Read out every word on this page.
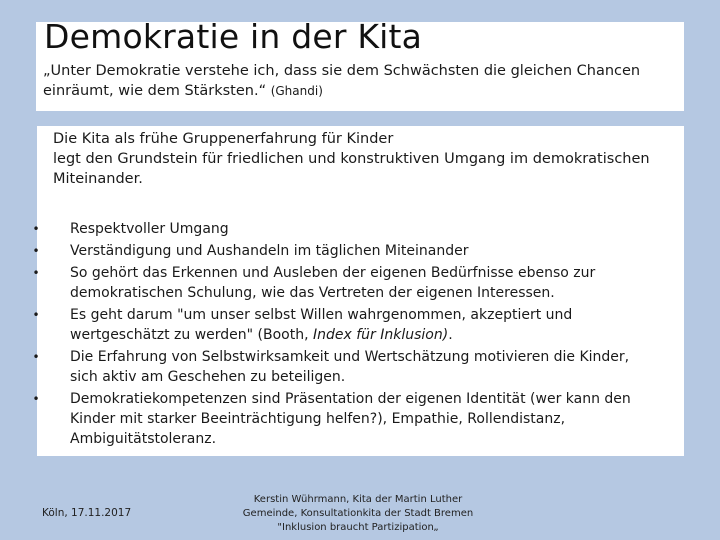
Demokratie in der Kita

„Unter Demokratie verstehe ich, dass sie dem Schwächsten die gleichen Chancen einräumt, wie dem Stärksten.“ (Ghandi)

Die Kita als frühe Gruppenerfahrung für Kinder
legt den Grundstein für friedlichen und konstruktiven Umgang im demokratischen
Miteinander.

• Respektvoller Umgang
• Verständigung und Aushandeln im täglichen Miteinander
• So gehört das Erkennen und Ausleben der eigenen Bedürfnisse ebenso zur demokratischen Schulung, wie das Vertreten der eigenen Interessen.
• Es geht darum "um unser selbst Willen wahrgenommen, akzeptiert und wertgeschätzt zu werden" (Booth, Index für Inklusion).
• Die Erfahrung von Selbstwirksamkeit und Wertschätzung motivieren die Kinder, sich aktiv am Geschehen zu beteiligen.
• Demokratiekompetenzen sind Präsentation der eigenen Identität (wer kann den Kinder mit starker Beeinträchtigung helfen?), Empathie, Rollendistanz, Ambiguitätstoleranz.
Köln, 17.11.2017
Kerstin Wührmann, Kita der Martin Luther Gemeinde, Konsultationkita der Stadt Bremen "Inklusion braucht Partizipation„
